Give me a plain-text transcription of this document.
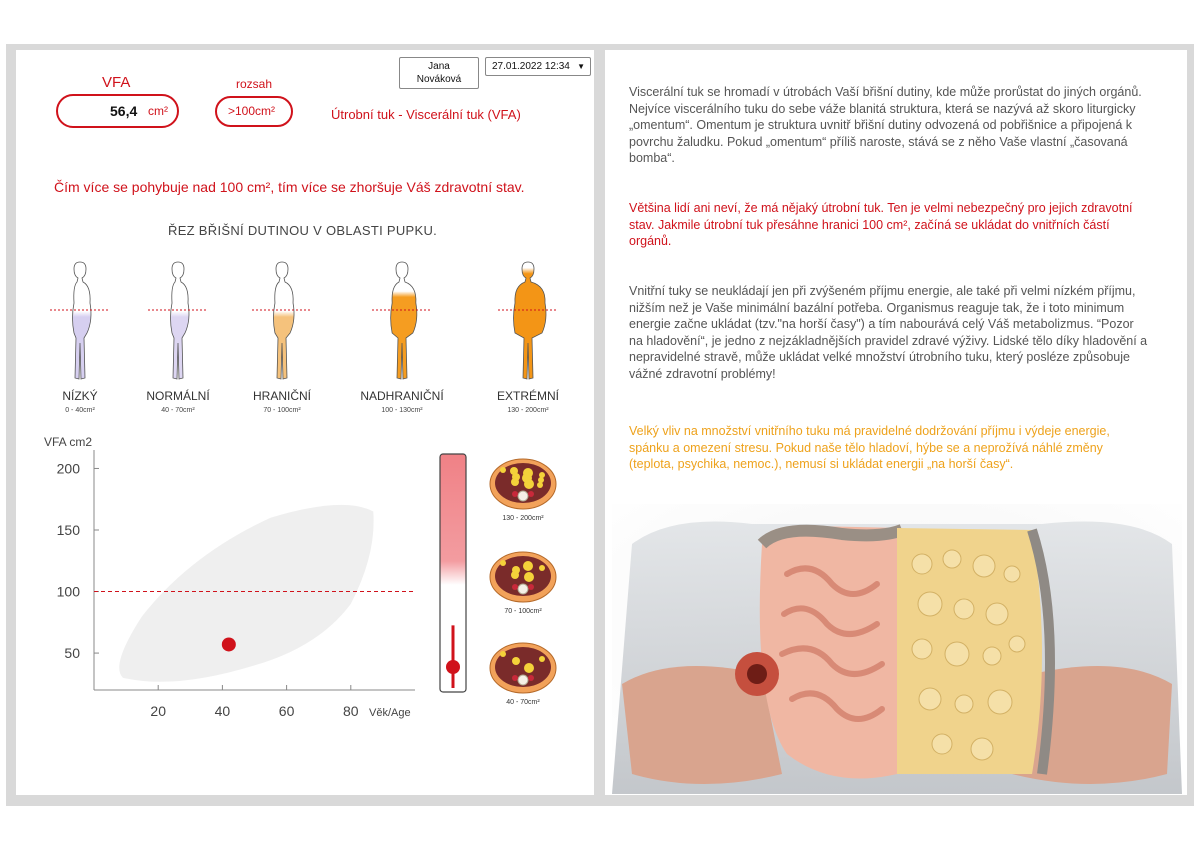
Jana Nováková
27.01.2022 12:34 ▼
VFA	rozsah
56,4 cm²	>100cm²	Útrobní tuk - Viscerální tuk (VFA)
Čím více se pohybuje nad 100 cm², tím více se zhoršuje Váš zdravotní stav.
ŘEZ BŘIŠNÍ DUTINOU V OBLASTI PUPKU.
NÍZKÝ
0 - 40cm²
NORMÁLNÍ
40 - 70cm²
HRANIČNÍ
70 - 100cm²
NADHRANIČNÍ
100 - 130cm²
EXTRÉMNÍ
130 - 200cm²
50
100
150
200
20	40	60	80
VFA cm2
Věk/Age
130 - 200cm²
70 - 100cm²
40 - 70cm²
Viscerální tuk se hromadí v útrobách Vaší břišní dutiny, kde může prorůstat do jiných orgánů. Nejvíce viscerálního tuku do sebe váže blanitá struktura, která se nazývá až skoro liturgicky „omentum“. Omentum je struktura uvnitř břišní dutiny odvozená od pobřišnice a připojená k povrchu žaludku. Pokud „omentum“ příliš naroste, stává se z něho Vaše vlastní „časovaná bomba“.
Většina lidí ani neví, že má nějaký útrobní tuk. Ten je velmi nebezpečný pro jejich zdravotní stav. Jakmile útrobní tuk přesáhne hranici 100 cm², začíná se ukládat do vnitřních částí orgánů.
Vnitřní tuky se neukládají jen při zvýšeném příjmu energie, ale také při velmi nízkém příjmu, nižším než je Vaše minimální bazální potřeba. Organismus reaguje tak, že i toto minimum energie začne ukládat (tzv."na horší časy") a tím nabourává celý Váš metabolizmus. “Pozor na hladovění“, je jedno z nejzákladnějších pravidel zdravé výživy. Lidské tělo díky hladovění a nepravidelné stravě, může ukládat velké množství útrobního tuku, který posléze způsobuje vážné zdravotní problémy!
Velký vliv na množství vnitřního tuku má pravidelné dodržování příjmu i výdeje energie, spánku a omezení stresu. Pokud naše tělo hladoví, hýbe se a neprožívá náhlé změny (teplota, psychika, nemoc.), nemusí si ukládat energii „na horší časy“.
